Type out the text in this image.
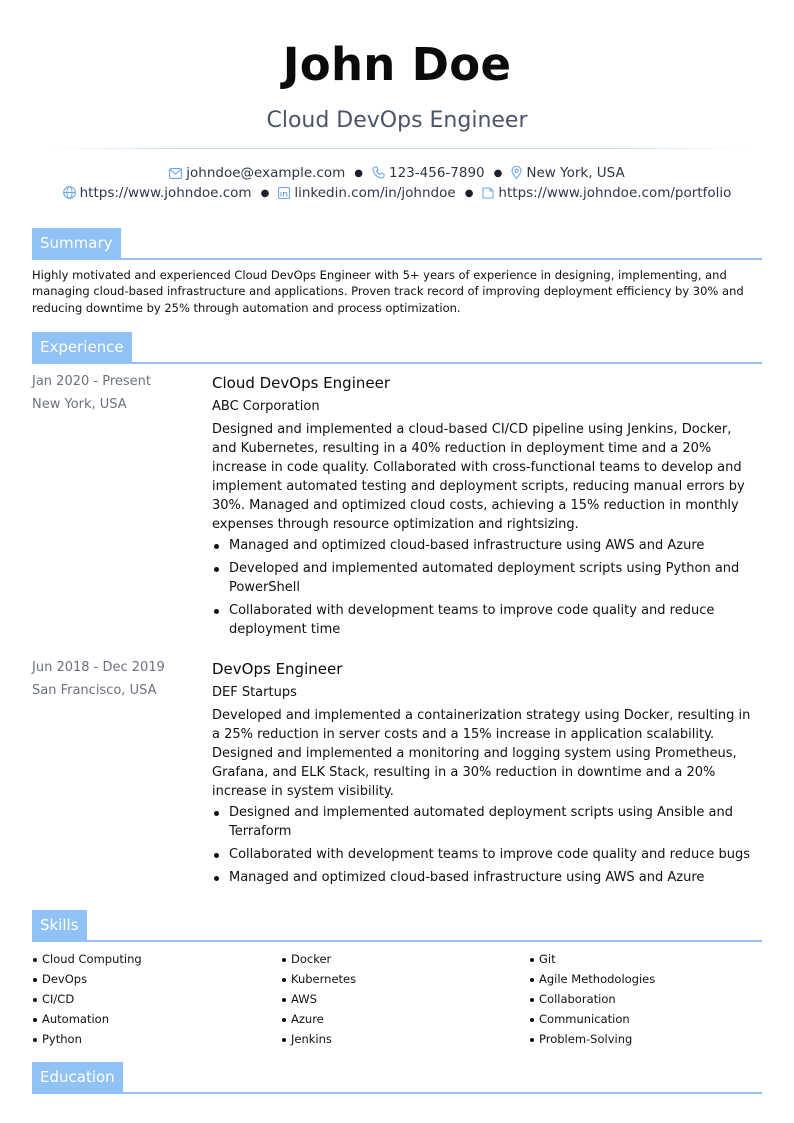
John Doe
Cloud DevOps Engineer
johndoe@example.com ● 123-456-7890 ● New York, USA
https://www.johndoe.com ● linkedin.com/in/johndoe ● https://www.johndoe.com/portfolio
Summary
Highly motivated and experienced Cloud DevOps Engineer with 5+ years of experience in designing, implementing, and managing cloud-based infrastructure and applications. Proven track record of improving deployment efficiency by 30% and reducing downtime by 25% through automation and process optimization.
Experience
Jan 2020 - Present
New York, USA
Cloud DevOps Engineer
ABC Corporation
Designed and implemented a cloud-based CI/CD pipeline using Jenkins, Docker, and Kubernetes, resulting in a 40% reduction in deployment time and a 20% increase in code quality. Collaborated with cross-functional teams to develop and implement automated testing and deployment scripts, reducing manual errors by 30%. Managed and optimized cloud costs, achieving a 15% reduction in monthly expenses through resource optimization and rightsizing.
Managed and optimized cloud-based infrastructure using AWS and Azure
Developed and implemented automated deployment scripts using Python and PowerShell
Collaborated with development teams to improve code quality and reduce deployment time
Jun 2018 - Dec 2019
San Francisco, USA
DevOps Engineer
DEF Startups
Developed and implemented a containerization strategy using Docker, resulting in a 25% reduction in server costs and a 15% increase in application scalability. Designed and implemented a monitoring and logging system using Prometheus, Grafana, and ELK Stack, resulting in a 30% reduction in downtime and a 20% increase in system visibility.
Designed and implemented automated deployment scripts using Ansible and Terraform
Collaborated with development teams to improve code quality and reduce bugs
Managed and optimized cloud-based infrastructure using AWS and Azure
Skills
Cloud Computing
DevOps
CI/CD
Automation
Python
Docker
Kubernetes
AWS
Azure
Jenkins
Git
Agile Methodologies
Collaboration
Communication
Problem-Solving
Education
